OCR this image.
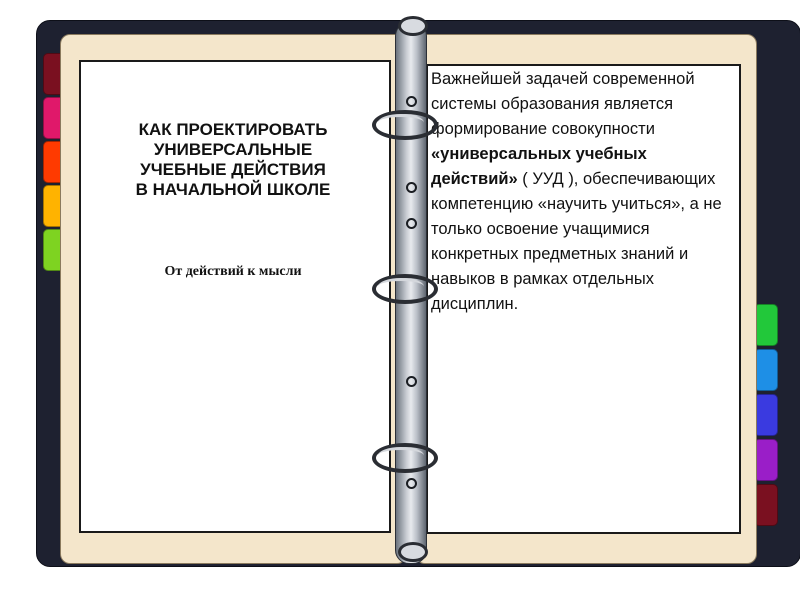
КАК ПРОЕКТИРОВАТЬ
УНИВЕРСАЛЬНЫЕ
УЧЕБНЫЕ ДЕЙСТВИЯ
В НАЧАЛЬНОЙ ШКОЛЕ
От действий к мысли
Важнейшей задачей современной системы образования является формирование совокупности «универсальных учебных действий» ( УУД ), обеспечивающих компетенцию «научить учиться», а не только освоение учащимися конкретных предметных знаний и навыков в рамках отдельных дисциплин.
